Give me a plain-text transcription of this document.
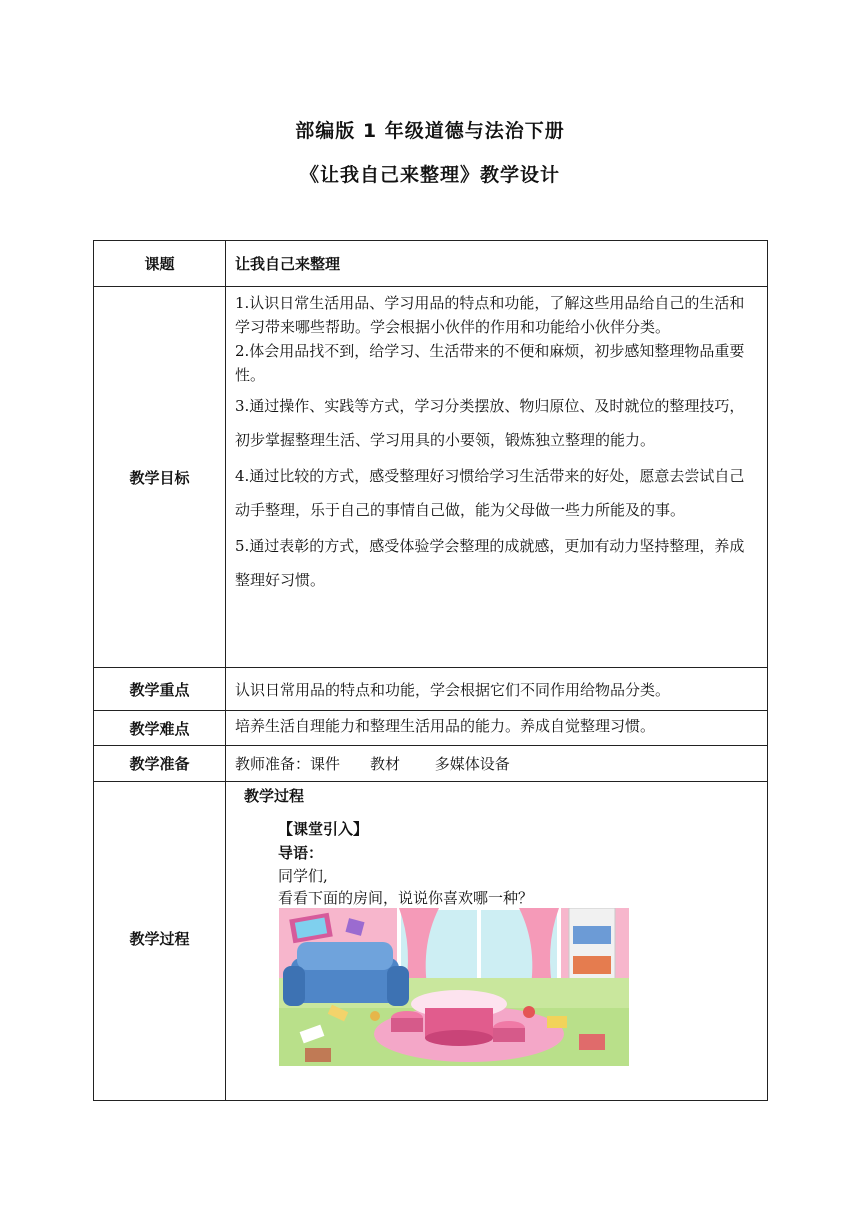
部编版 1 年级道德与法治下册
《让我自己来整理》教学设计
课题	让我自己来整理
教学目标	1.认识日常生活用品、学习用品的特点和功能，了解这些用品给自己的生活和学习带来哪些帮助。学会根据小伙伴的作用和功能给小伙伴分类。
2.体会用品找不到，给学习、生活带来的不便和麻烦，初步感知整理物品重要性。
3.通过操作、实践等方式，学习分类摆放、物归原位、及时就位的整理技巧，初步掌握整理生活、学习用具的小要领，锻炼独立整理的能力。
4.通过比较的方式，感受整理好习惯给学习生活带来的好处，愿意去尝试自己动手整理，乐于自己的事情自己做，能为父母做一些力所能及的事。
5.通过表彰的方式，感受体验学会整理的成就感，更加有动力坚持整理，养成整理好习惯。

教学重点	认识日常用品的特点和功能，学会根据它们不同作用给物品分类。
教学难点	培养生活自理能力和整理生活用品的能力。养成自觉整理习惯。
教学准备	教师准备：课件　　教材　　 多媒体设备
教学过程	教学过程
【课堂引入】
导语：
同学们,
看看下面的房间，说说你喜欢哪一种？
